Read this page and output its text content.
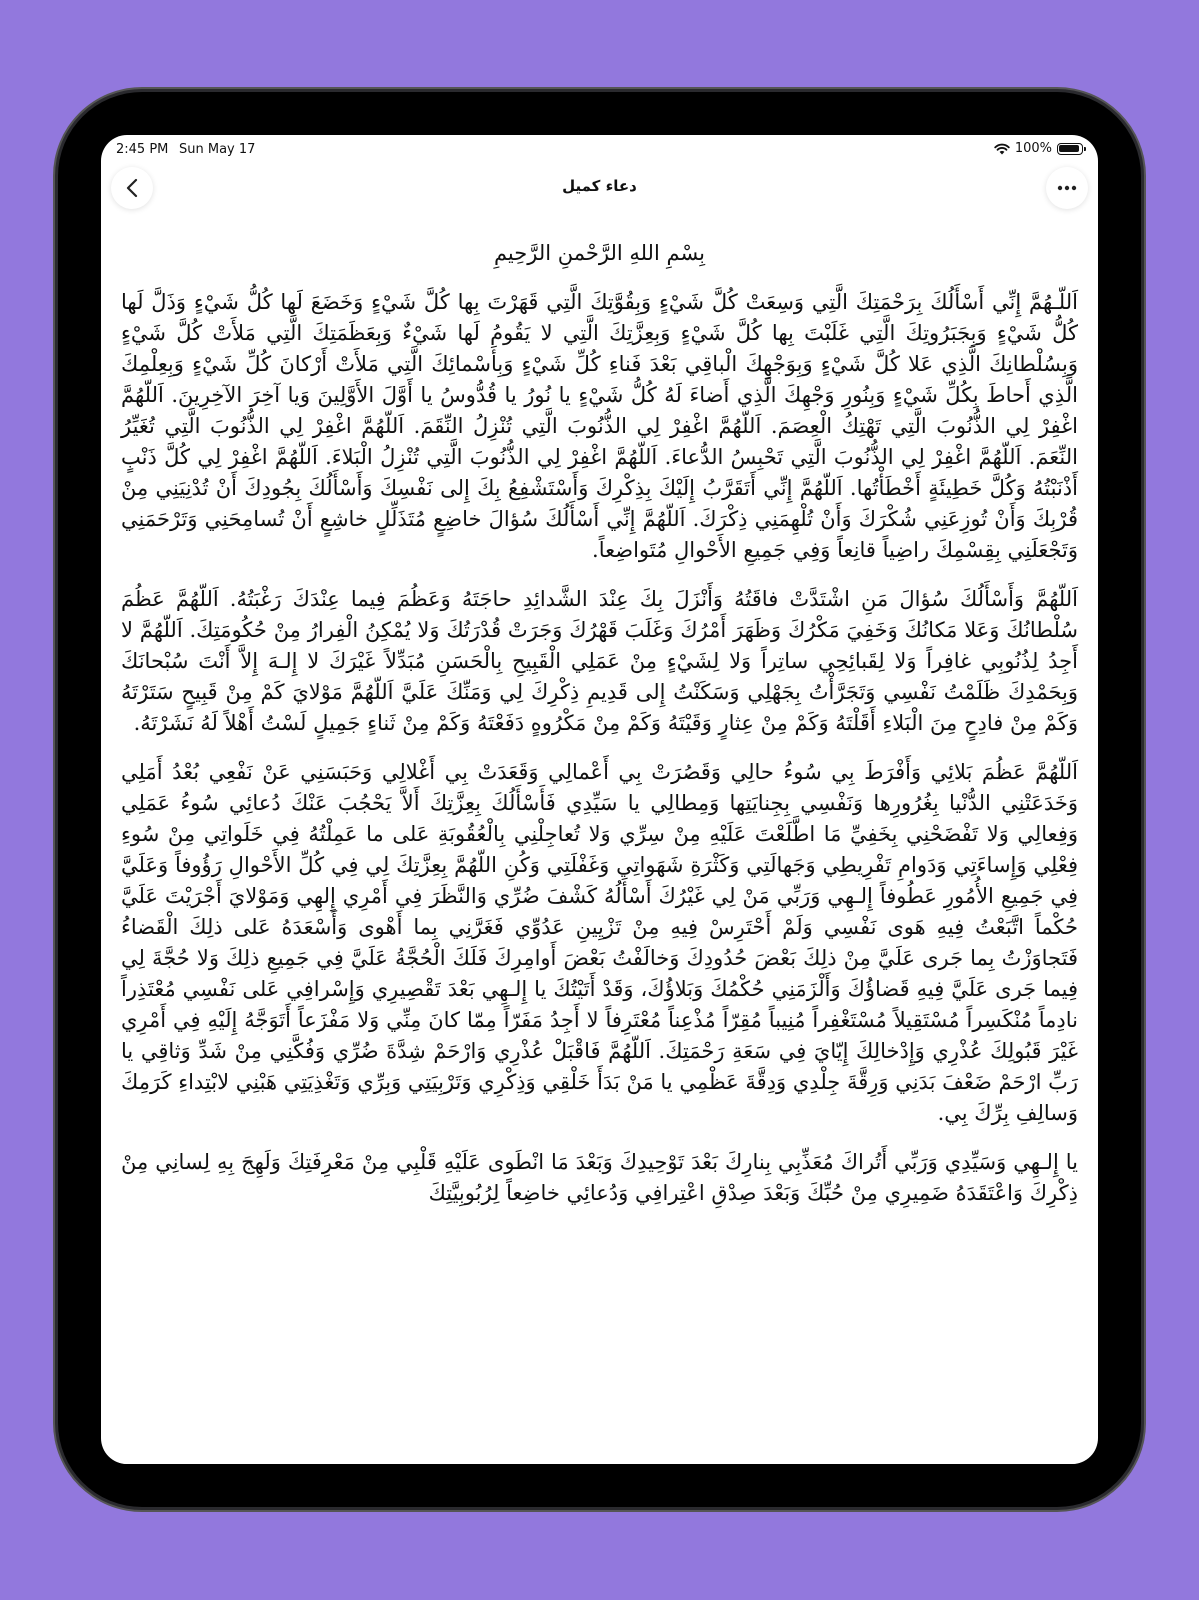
2:45 PM Sun May 17	100%
دعاء كميل
بِسْمِ اللهِ الرَّحْمنِ الرَّحِيمِ

اَللّـهُمَّ إِنِّي أَسْأَلُكَ بِرَحْمَتِكَ الَّتِي وَسِعَتْ كُلَّ شَيْءٍ وَبِقُوَّتِكَ الَّتِي قَهَرْتَ بِها كُلَّ شَيْءٍ وَخَضَعَ لَها كُلُّ شَيْءٍ وَذَلَّ لَها كُلُّ شَيْءٍ وَبِجَبَرُوتِكَ الَّتِي غَلَبْتَ بِها كُلَّ شَيْءٍ وَبِعِزَّتِكَ الَّتِي لا يَقُومُ لَها شَيْءٌ وَبِعَظَمَتِكَ الَّتِي مَلأَتْ كُلَّ شَيْءٍ وَبِسُلْطانِكَ الَّذِي عَلا كُلَّ شَيْءٍ وَبِوَجْهِكَ الْباقِي بَعْدَ فَناءِ كُلِّ شَيْءٍ وَبِأَسْمائِكَ الَّتِي مَلأَتْ أَرْكانَ كُلِّ شَيْءٍ وَبِعِلْمِكَ الَّذِي أَحاطَ بِكُلِّ شَيْءٍ وَبِنُورِ وَجْهِكَ الَّذِي أَضاءَ لَهُ كُلُّ شَيْءٍ يا نُورُ يا قُدُّوسُ يا أَوَّلَ الأَوَّلِينَ وَيا آخِرَ الآخِرِينَ. اَللّهُمَّ اغْفِرْ لِي الذُّنُوبَ الَّتِي تَهْتِكُ الْعِصَمَ. اَللّهُمَّ اغْفِرْ لِي الذُّنُوبَ الَّتِي تُنْزِلُ النِّقَمَ. اَللّهُمَّ اغْفِرْ لِي الذُّنُوبَ الَّتِي تُغَيِّرُ النِّعَمَ. اَللّهُمَّ اغْفِرْ لِي الذُّنُوبَ الَّتِي تَحْبِسُ الدُّعاءَ. اَللّهُمَّ اغْفِرْ لِي الذُّنُوبَ الَّتِي تُنْزِلُ الْبَلاءَ. اَللّهُمَّ اغْفِرْ لِي كُلَّ ذَنْبٍ أَذْنَبْتُهُ وَكُلَّ خَطِيئَةٍ أَخْطَأْتُها. اَللّهُمَّ إِنِّي أَتَقَرَّبُ إِلَيْكَ بِذِكْرِكَ وَأَسْتَشْفِعُ بِكَ إِلى نَفْسِكَ وَأَسْأَلُكَ بِجُودِكَ أَنْ تُدْنِيَنِي مِنْ قُرْبِكَ وَأَنْ تُوزِعَنِي شُكْرَكَ وَأَنْ تُلْهِمَنِي ذِكْرَكَ. اَللّهُمَّ إِنِّي أَسْأَلُكَ سُؤالَ خاضِعٍ مُتَذَلِّلٍ خاشِعٍ أَنْ تُسامِحَنِي وَتَرْحَمَنِي وَتَجْعَلَنِي بِقِسْمِكَ راضِياً قانِعاً وَفِي جَمِيعِ الأَحْوالِ مُتَواضِعاً.

اَللّهُمَّ وَأَسْأَلُكَ سُؤالَ مَنِ اشْتَدَّتْ فاقَتُهُ وَأَنْزَلَ بِكَ عِنْدَ الشَّدائِدِ حاجَتَهُ وَعَظُمَ فِيما عِنْدَكَ رَغْبَتُهُ. اَللّهُمَّ عَظُمَ سُلْطانُكَ وَعَلا مَكانُكَ وَخَفِيَ مَكْرُكَ وَظَهَرَ أَمْرُكَ وَغَلَبَ قَهْرُكَ وَجَرَتْ قُدْرَتُكَ وَلا يُمْكِنُ الْفِرارُ مِنْ حُكُومَتِكَ. اَللّهُمَّ لا أَجِدُ لِذُنُوبِي غافِراً وَلا لِقَبائِحِي ساتِراً وَلا لِشَيْءٍ مِنْ عَمَلِي الْقَبِيحِ بِالْحَسَنِ مُبَدِّلاً غَيْرَكَ لا إِلـهَ إِلاَّ أَنْتَ سُبْحانَكَ وَبِحَمْدِكَ ظَلَمْتُ نَفْسِي وَتَجَرَّأْتُ بِجَهْلِي وَسَكَنْتُ إِلى قَدِيمِ ذِكْرِكَ لِي وَمَنِّكَ عَلَيَّ اَللّهُمَّ مَوْلايَ كَمْ مِنْ قَبِيحٍ سَتَرْتَهُ وَكَمْ مِنْ فادِحٍ مِنَ الْبَلاءِ أَقَلْتَهُ وَكَمْ مِنْ عِثارٍ وَقَيْتَهُ وَكَمْ مِنْ مَكْرُوهٍ دَفَعْتَهُ وَكَمْ مِنْ ثَناءٍ جَمِيلٍ لَسْتُ أَهْلاً لَهُ نَشَرْتَهُ.

اَللّهُمَّ عَظُمَ بَلائِي وَأَفْرَطَ بِي سُوءُ حالِي وَقَصُرَتْ بِي أَعْمالِي وَقَعَدَتْ بِي أَغْلالِي وَحَبَسَنِي عَنْ نَفْعِي بُعْدُ أَمَلِي وَخَدَعَتْنِي الدُّنْيا بِغُرُورِها وَنَفْسِي بِجِنايَتِها وَمِطالِي يا سَيِّدِي فَأَسْأَلُكَ بِعِزَّتِكَ أَلاَّ يَحْجُبَ عَنْكَ دُعائِي سُوءُ عَمَلِي وَفِعالِي وَلا تَفْضَحْنِي بِخَفِيِّ مَا اطَّلَعْتَ عَلَيْهِ مِنْ سِرِّي وَلا تُعاجِلْنِي بِالْعُقُوبَةِ عَلى ما عَمِلْتُهُ فِي خَلَواتِي مِنْ سُوءِ فِعْلِي وَإِساءَتِي وَدَوامِ تَفْرِيطِي وَجَهالَتِي وَكَثْرَةِ شَهَواتِي وَغَفْلَتِي وَكُنِ اللّهُمَّ بِعِزَّتِكَ لِي فِي كُلِّ الأَحْوالِ رَؤُوفاً وَعَلَيَّ فِي جَمِيعِ الأُمُورِ عَطُوفاً إِلـهِي وَرَبِّي مَنْ لِي غَيْرُكَ أَسْأَلُهُ كَشْفَ ضُرِّي وَالنَّظَرَ فِي أَمْرِي إِلهِي وَمَوْلايَ أَجْرَيْتَ عَلَيَّ حُكْماً اتَّبَعْتُ فِيهِ هَوى نَفْسِي وَلَمْ أَحْتَرِسْ فِيهِ مِنْ تَزْيِينِ عَدُوِّي فَغَرَّنِي بِما أَهْوى وَأَسْعَدَهُ عَلى ذلِكَ الْقَضاءُ فَتَجاوَزْتُ بِما جَرى عَلَيَّ مِنْ ذلِكَ بَعْضَ حُدُودِكَ وَخالَفْتُ بَعْضَ أَوامِرِكَ فَلَكَ الْحُجَّةُ عَلَيَّ فِي جَمِيعِ ذلِكَ وَلا حُجَّةَ لِي فِيما جَرى عَلَيَّ فِيهِ قَضاؤُكَ وَأَلْزَمَنِي حُكْمُكَ وَبَلاؤُكَ، وَقَدْ أَتَيْتُكَ يا إِلـهِي بَعْدَ تَقْصِيرِي وَإِسْرافِي عَلى نَفْسِي مُعْتَذِراً نادِماً مُنْكَسِراً مُسْتَقِيلاً مُسْتَغْفِراً مُنِيباً مُقِرّاً مُذْعِناً مُعْتَرِفاً لا أَجِدُ مَفَرّاً مِمّا كانَ مِنِّي وَلا مَفْزَعاً أَتَوَجَّهُ إِلَيْهِ فِي أَمْرِي غَيْرَ قَبُولِكَ عُذْرِي وَإِدْخالِكَ إِيّايَ فِي سَعَةِ رَحْمَتِكَ. اَللّهُمَّ فَاقْبَلْ عُذْرِي وَارْحَمْ شِدَّةَ ضُرِّي وَفُكَّنِي مِنْ شَدِّ وَثاقِي يا رَبِّ ارْحَمْ ضَعْفَ بَدَنِي وَرِقَّةَ جِلْدِي وَدِقَّةَ عَظْمِي يا مَنْ بَدَأَ خَلْقِي وَذِكْرِي وَتَرْبِيَتِي وَبِرِّي وَتَغْذِيَتِي هَبْنِي لابْتِداءِ كَرَمِكَ وَسالِفِ بِرِّكَ بِي.

يا إِلـهِي وَسَيِّدِي وَرَبِّي أَتُراكَ مُعَذِّبِي بِنارِكَ بَعْدَ تَوْحِيدِكَ وَبَعْدَ مَا انْطَوى عَلَيْهِ قَلْبِي مِنْ مَعْرِفَتِكَ وَلَهِجَ بِهِ لِسانِي مِنْ ذِكْرِكَ وَاعْتَقَدَهُ ضَمِيرِي مِنْ حُبِّكَ وَبَعْدَ صِدْقِ اعْتِرافِي وَدُعائِي خاضِعاً لِرُبُوبِيَّتِكَ
